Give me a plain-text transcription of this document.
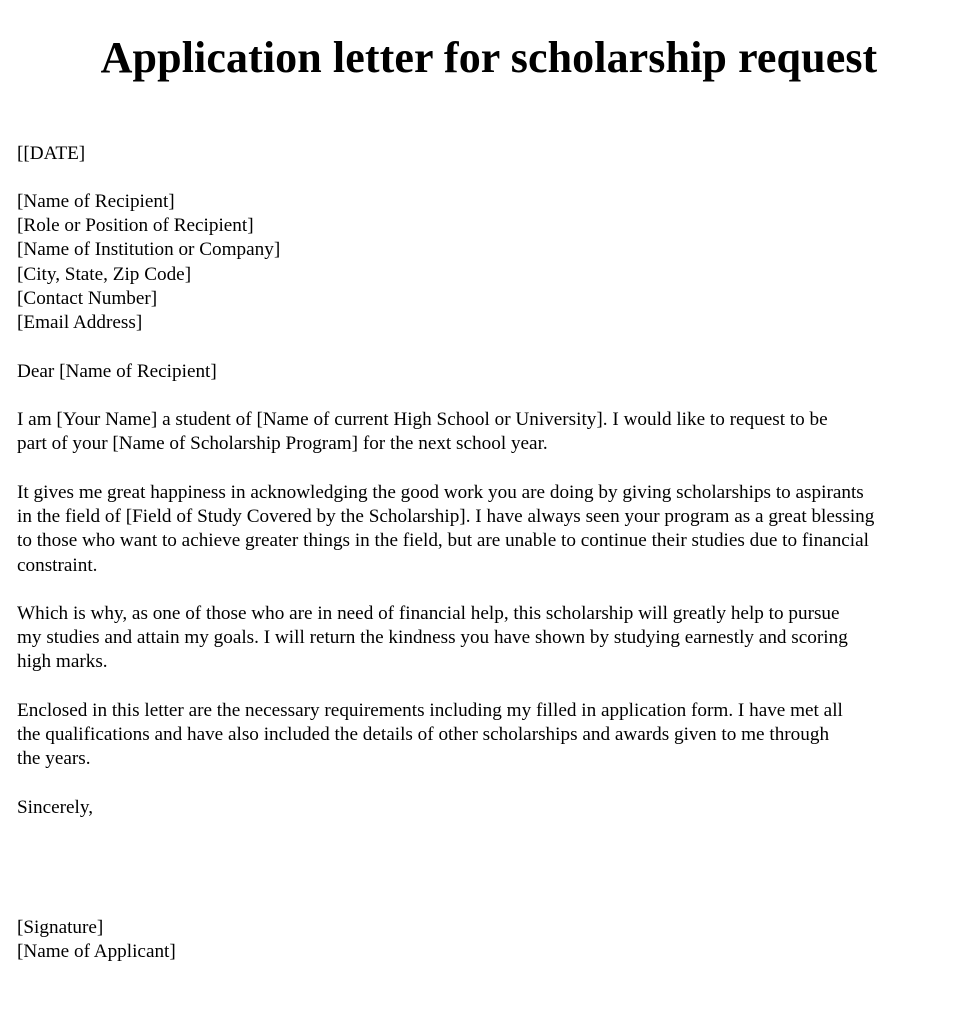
Application letter for scholarship request
[[DATE]
[Name of Recipient]
[Role or Position of Recipient]
[Name of Institution or Company]
[City, State, Zip Code]
[Contact Number]
[Email Address]
Dear [Name of Recipient]
I am [Your Name] a student of [Name of current High School or University]. I would like to request to be
part of your [Name of Scholarship Program] for the next school year.
It gives me great happiness in acknowledging the good work you are doing by giving scholarships to aspirants
in the field of [Field of Study Covered by the Scholarship]. I have always seen your program as a great blessing
to those who want to achieve greater things in the field, but are unable to continue their studies due to financial
constraint.
Which is why, as one of those who are in need of financial help, this scholarship will greatly help to pursue
my studies and attain my goals. I will return the kindness you have shown by studying earnestly and scoring
high marks.
Enclosed in this letter are the necessary requirements including my filled in application form. I have met all
the qualifications and have also included the details of other scholarships and awards given to me through
the years.
Sincerely,
[Signature]
[Name of Applicant]
